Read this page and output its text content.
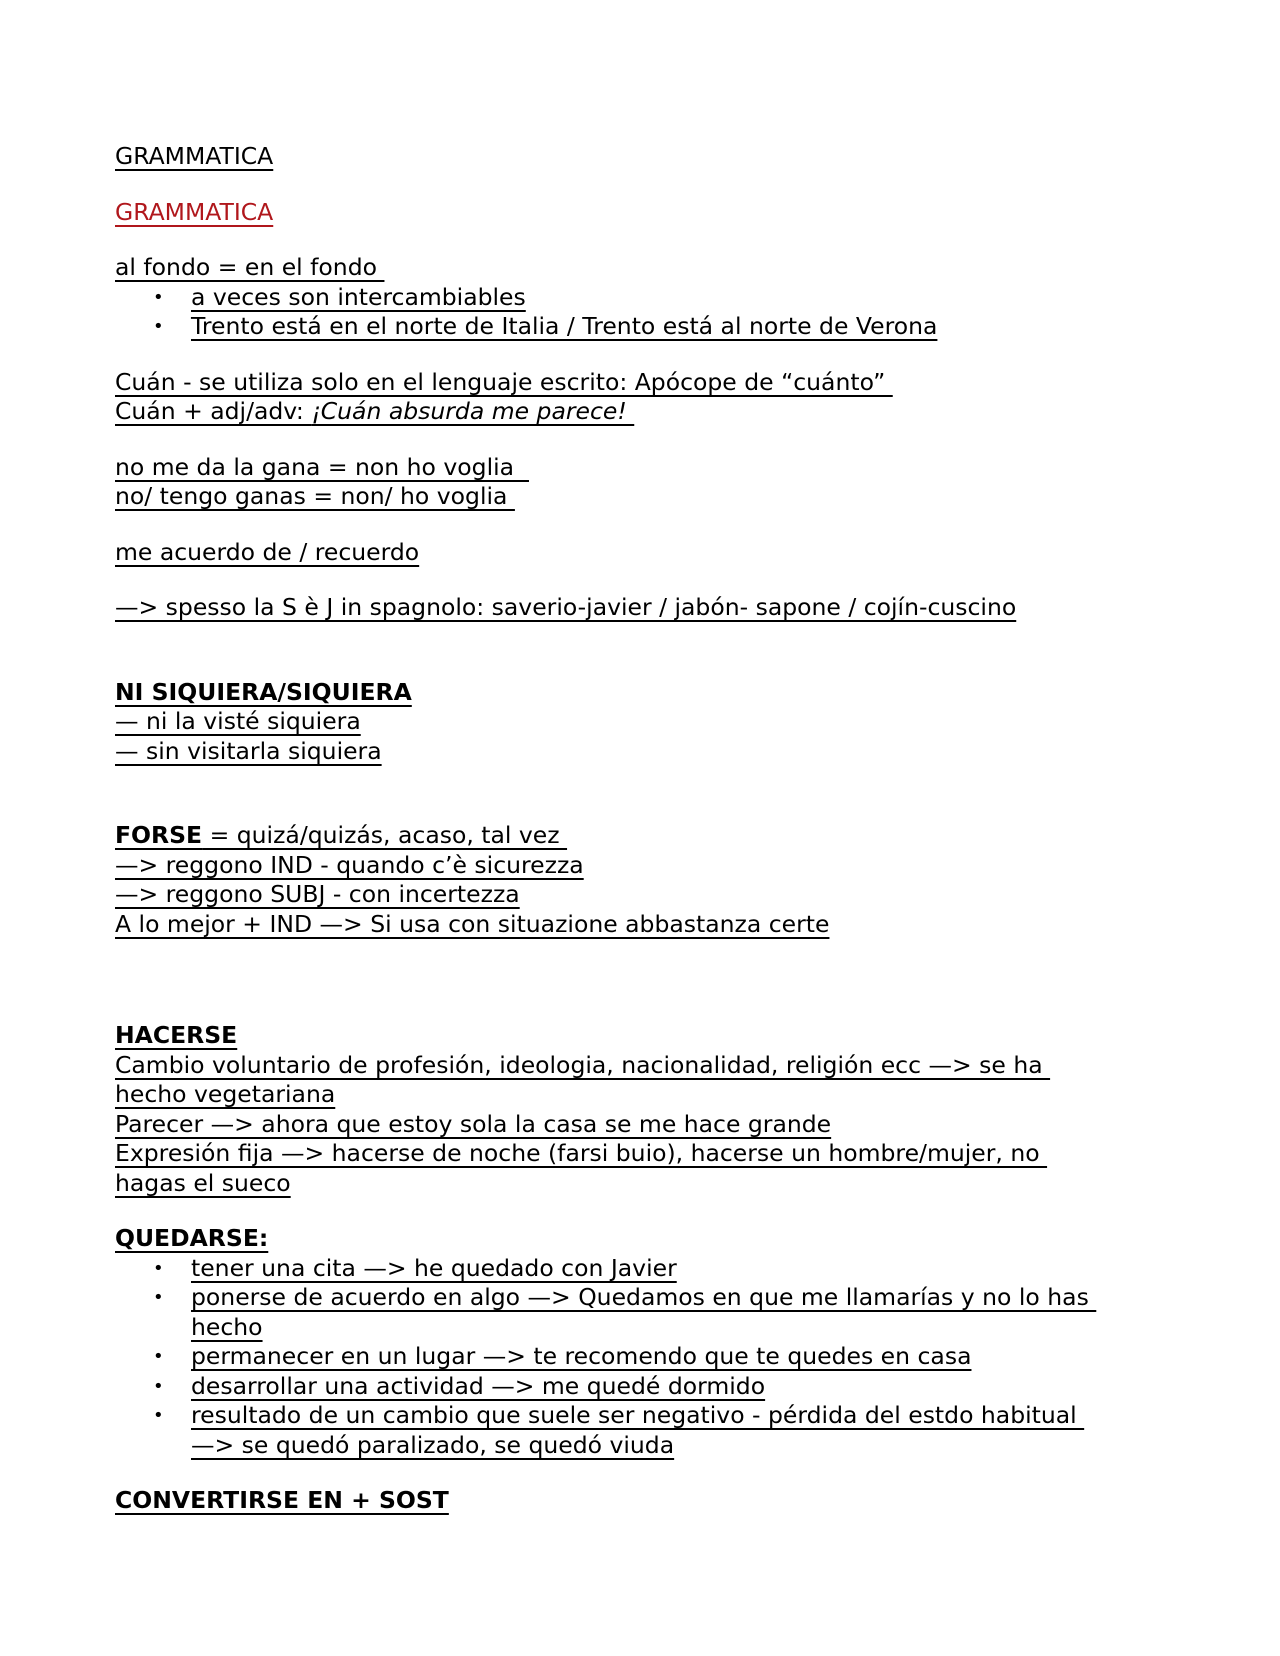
GRAMMATICA
GRAMMATICA
al fondo = en el fondo
• a veces son intercambiables
• Trento está en el norte de Italia / Trento está al norte de Verona
Cuán - se utiliza solo en el lenguaje escrito: Apócope de “cuánto”
Cuán + adj/adv: ¡Cuán absurda me parece!
no me da la gana = non ho voglia
no/ tengo ganas = non/ ho voglia
me acuerdo de / recuerdo
—> spesso la S è J in spagnolo: saverio-javier / jabón- sapone / cojín-cuscino
NI SIQUIERA/SIQUIERA
— ni la visté siquiera
— sin visitarla siquiera
FORSE = quizá/quizás, acaso, tal vez
—> reggono IND - quando c’è sicurezza
—> reggono SUBJ - con incertezza
A lo mejor + IND —> Si usa con situazione abbastanza certe
HACERSE
Cambio voluntario de profesión, ideologia, nacionalidad, religión ecc —> se ha
hecho vegetariana
Parecer —> ahora que estoy sola la casa se me hace grande
Expresión fija —> hacerse de noche (farsi buio), hacerse un hombre/mujer, no
hagas el sueco
QUEDARSE:
• tener una cita —> he quedado con Javier
• ponerse de acuerdo en algo —> Quedamos en que me llamarías y no lo has
hecho
• permanecer en un lugar —> te recomendo que te quedes en casa
• desarrollar una actividad —> me quedé dormido
• resultado de un cambio que suele ser negativo - pérdida del estdo habitual
—> se quedó paralizado, se quedó viuda
CONVERTIRSE EN + SOST
